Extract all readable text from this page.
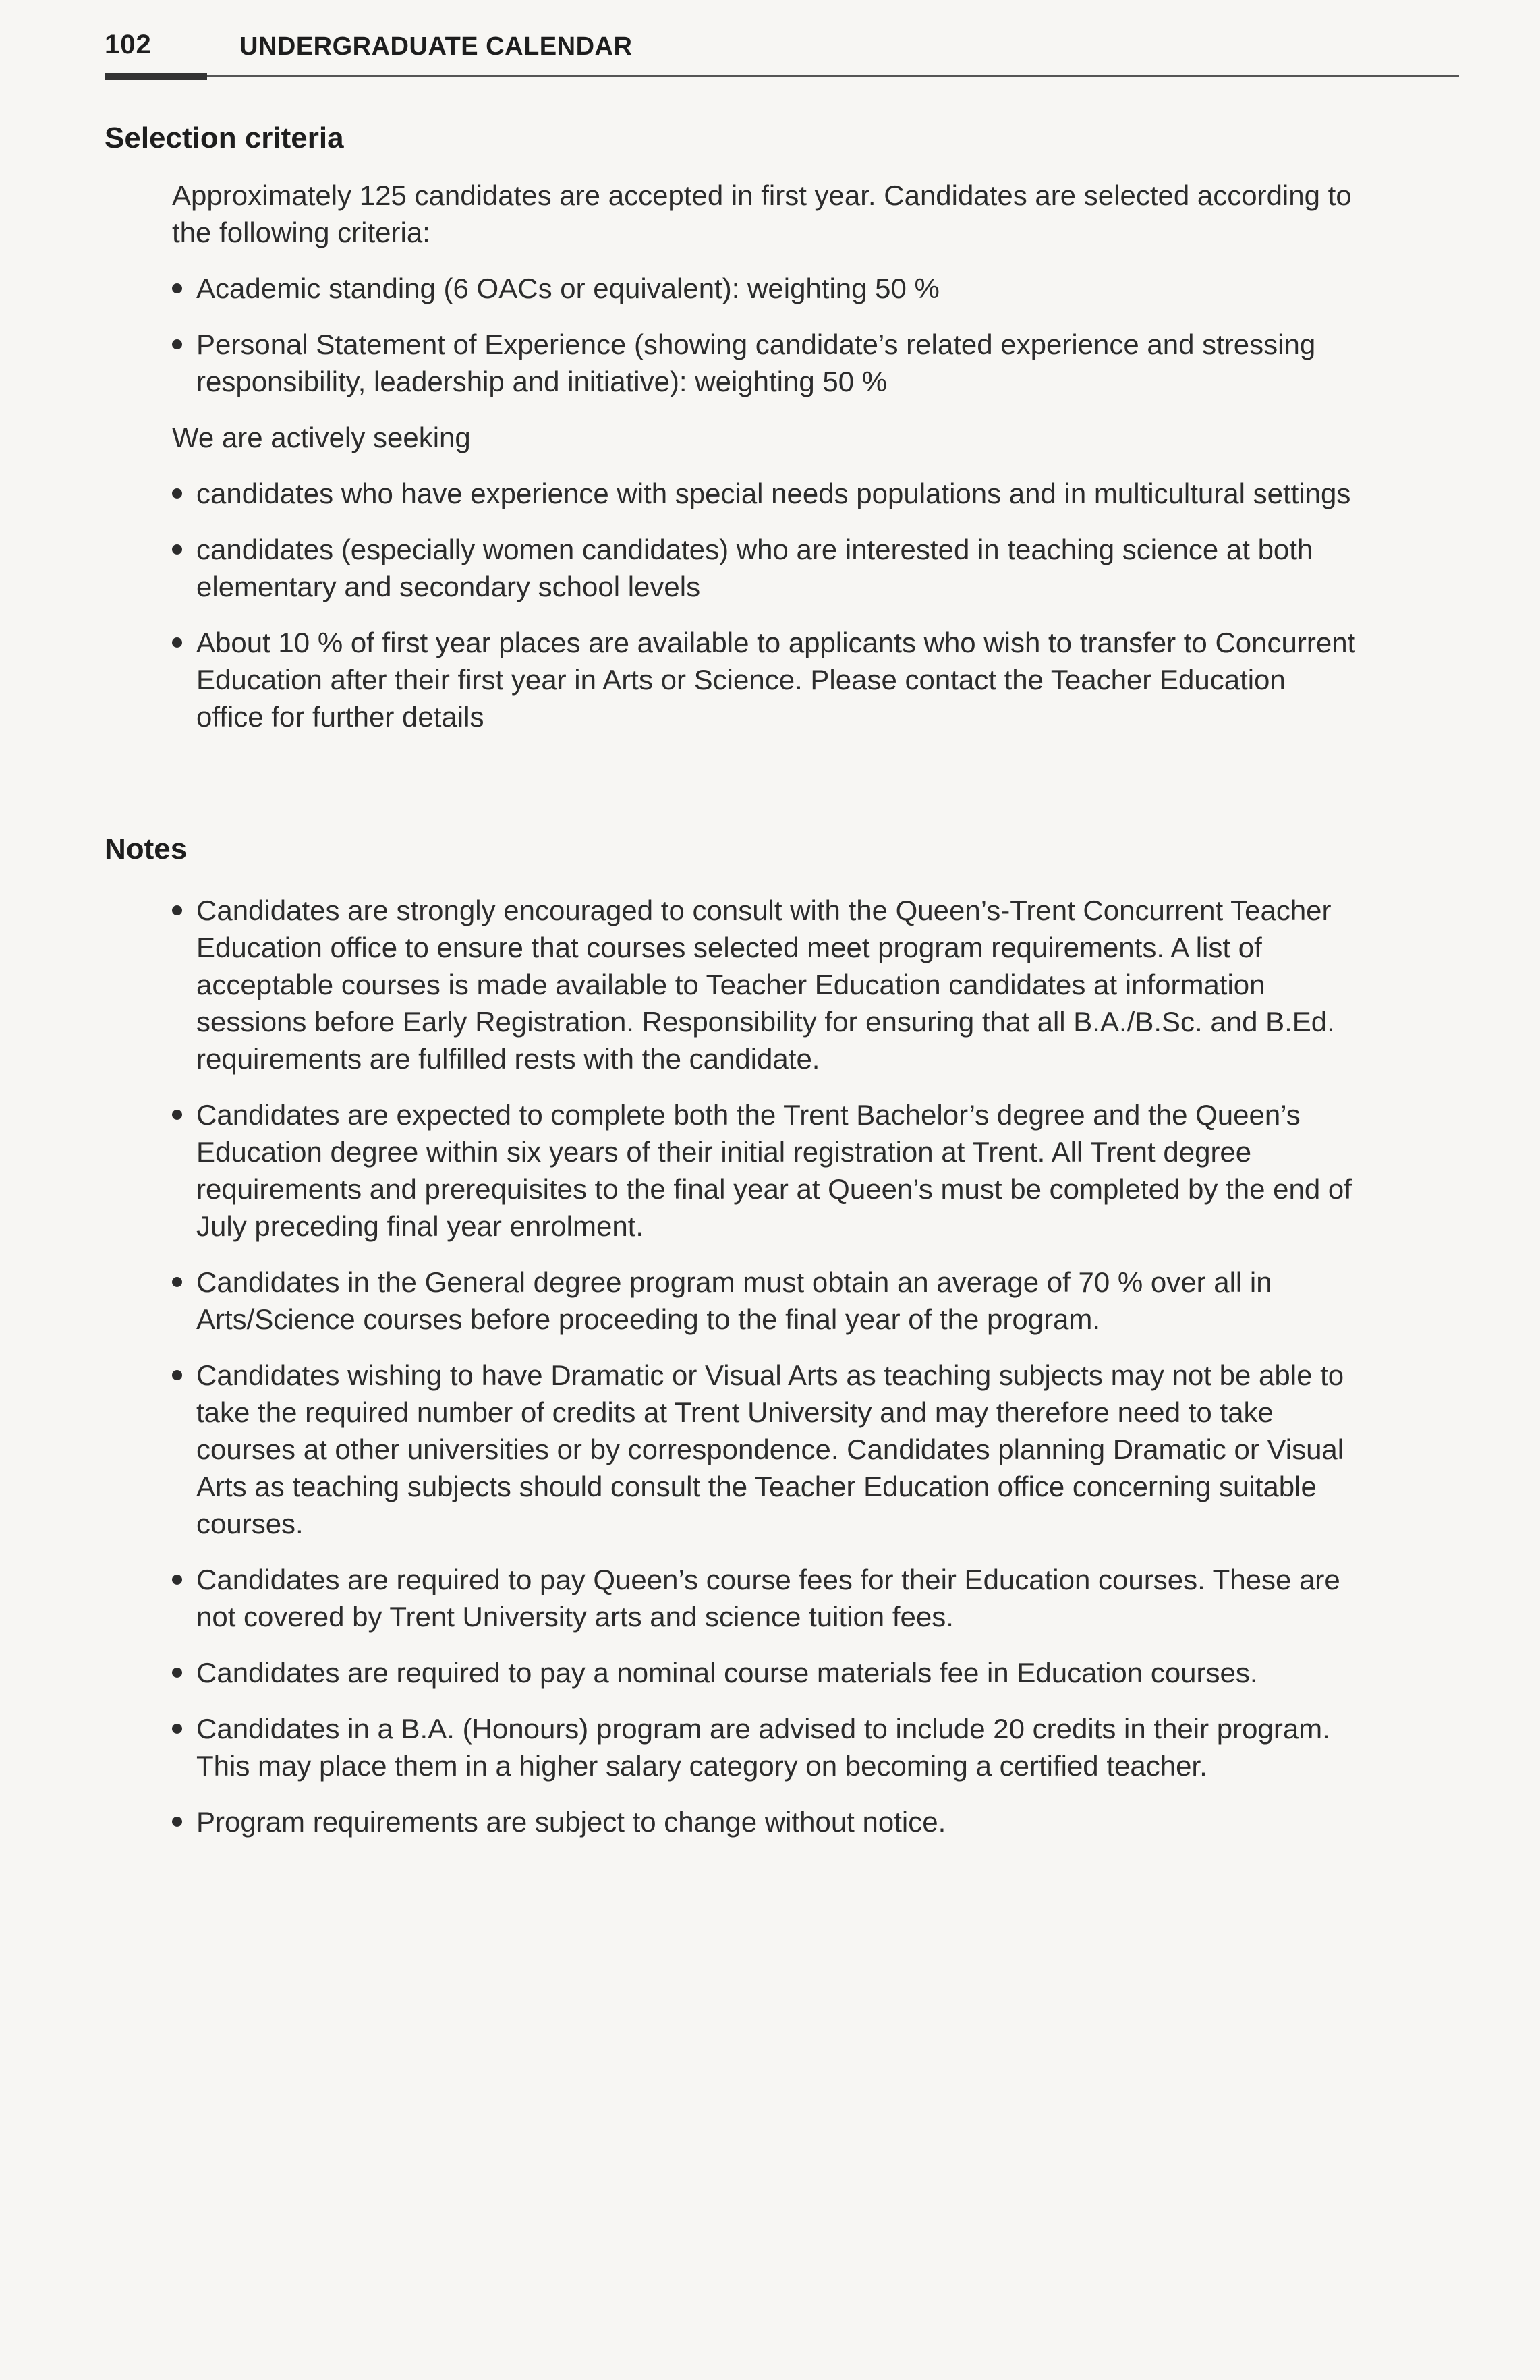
102	UNDERGRADUATE CALENDAR
Selection criteria

Approximately 125 candidates are accepted in first year. Candidates are selected according to the following criteria:

Academic standing (6 OACs or equivalent): weighting 50 %
Personal Statement of Experience (showing candidate’s related experience and stressing responsibility, leadership and initiative): weighting 50 %

We are actively seeking

candidates who have experience with special needs populations and in multicultural settings
candidates (especially women candidates) who are interested in teaching science at both elementary and secondary school levels
About 10 % of first year places are available to applicants who wish to transfer to Concurrent Education after their first year in Arts or Science. Please contact the Teacher Education office for further details
Notes
Candidates are strongly encouraged to consult with the Queen’s-Trent Concurrent Teacher Education office to ensure that courses selected meet program requirements. A list of acceptable courses is made available to Teacher Education candidates at information sessions before Early Registration. Responsibility for ensuring that all B.A./B.Sc. and B.Ed. requirements are fulfilled rests with the candidate.
Candidates are expected to complete both the Trent Bachelor’s degree and the Queen’s Education degree within six years of their initial registration at Trent. All Trent degree requirements and prerequisites to the final year at Queen’s must be completed by the end of July preceding final year enrolment.
Candidates in the General degree program must obtain an average of 70 % over all in Arts/Science courses before proceeding to the final year of the program.
Candidates wishing to have Dramatic or Visual Arts as teaching subjects may not be able to take the required number of credits at Trent University and may therefore need to take courses at other universities or by correspondence. Candidates planning Dramatic or Visual Arts as teaching subjects should consult the Teacher Education office concerning suitable courses.
Candidates are required to pay Queen’s course fees for their Education courses. These are not covered by Trent University arts and science tuition fees.
Candidates are required to pay a nominal course materials fee in Education courses.
Candidates in a B.A. (Honours) program are advised to include 20 credits in their program. This may place them in a higher salary category on becoming a certified teacher.
Program requirements are subject to change without notice.
